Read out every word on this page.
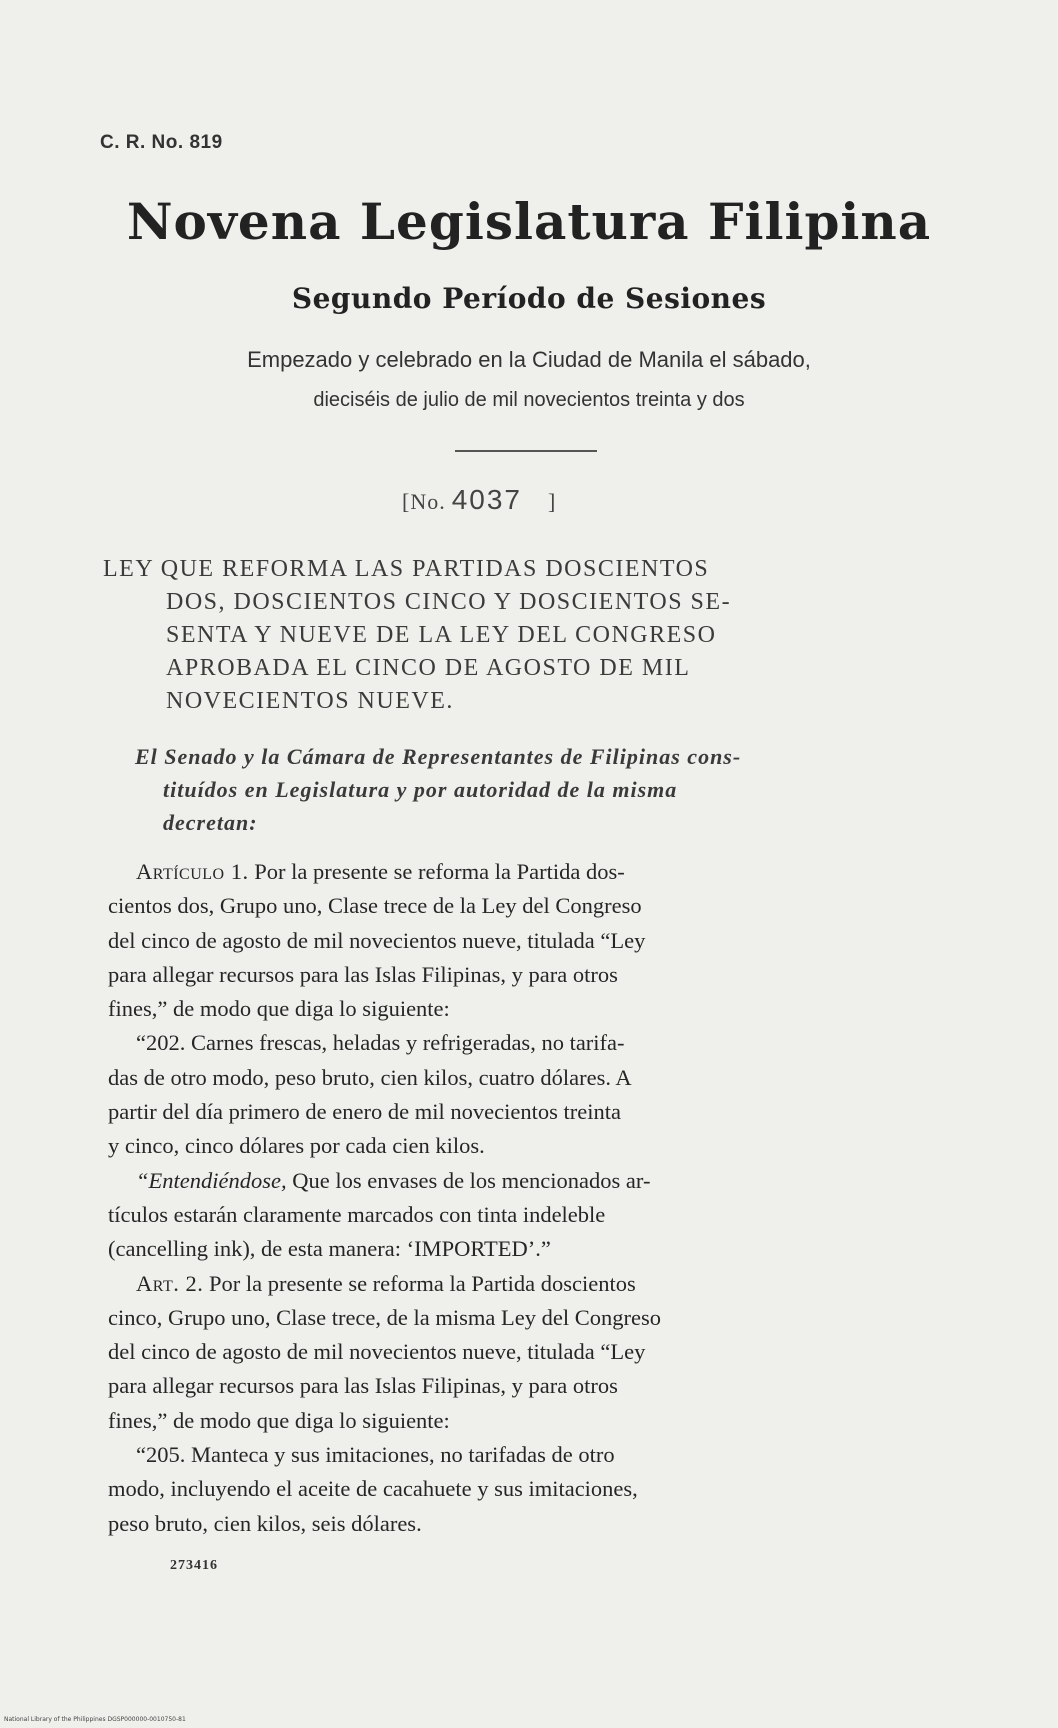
C. R. No. 819
Novena Legislatura Filipina
Segundo Período de Sesiones
Empezado y celebrado en la Ciudad de Manila el sábado,
dieciséis de julio de mil novecientos treinta y dos
[No. 4037 ]
LEY QUE REFORMA LAS PARTIDAS DOSCIENTOS
DOS, DOSCIENTOS CINCO Y DOSCIENTOS SE-
SENTA Y NUEVE DE LA LEY DEL CONGRESO
APROBADA EL CINCO DE AGOSTO DE MIL
NOVECIENTOS NUEVE.
El Senado y la Cámara de Representantes de Filipinas cons-
tituídos en Legislatura y por autoridad de la misma
decretan:
Artículo 1. Por la presente se reforma la Partida dos-
cientos dos, Grupo uno, Clase trece de la Ley del Congreso
del cinco de agosto de mil novecientos nueve, titulada “Ley
para allegar recursos para las Islas Filipinas, y para otros
fines,” de modo que diga lo siguiente:
“202. Carnes frescas, heladas y refrigeradas, no tarifa-
das de otro modo, peso bruto, cien kilos, cuatro dólares. A
partir del día primero de enero de mil novecientos treinta
y cinco, cinco dólares por cada cien kilos.
“Entendiéndose, Que los envases de los mencionados ar-
tículos estarán claramente marcados con tinta indeleble
(cancelling ink), de esta manera: ‘IMPORTED’.”
Art. 2. Por la presente se reforma la Partida doscientos
cinco, Grupo uno, Clase trece, de la misma Ley del Congreso
del cinco de agosto de mil novecientos nueve, titulada “Ley
para allegar recursos para las Islas Filipinas, y para otros
fines,” de modo que diga lo siguiente:
“205. Manteca y sus imitaciones, no tarifadas de otro
modo, incluyendo el aceite de cacahuete y sus imitaciones,
peso bruto, cien kilos, seis dólares.
273416
National Library of the Philippines DGSP000000-0010750-81
